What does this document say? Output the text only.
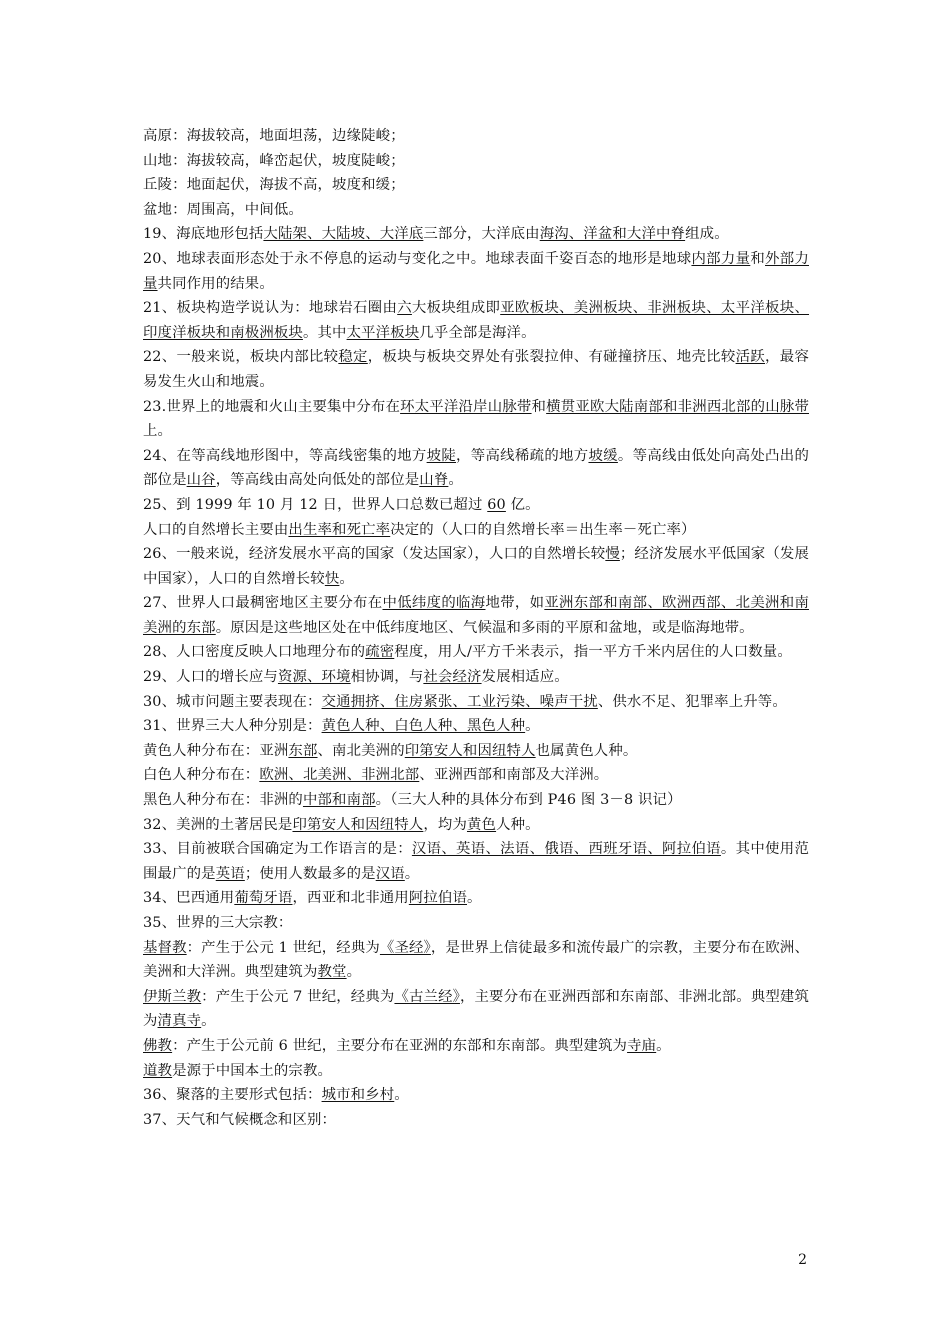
高原：海拔较高，地面坦荡，边缘陡峻；

山地：海拔较高，峰峦起伏，坡度陡峻；

丘陵：地面起伏，海拔不高，坡度和缓；

盆地：周围高，中间低。

19、海底地形包括大陆架、大陆坡、大洋底三部分，大洋底由海沟、洋盆和大洋中脊组成。

20、地球表面形态处于永不停息的运动与变化之中。地球表面千姿百态的地形是地球内部力量和外部力量共同作用的结果。

21、板块构造学说认为：地球岩石圈由六大板块组成即亚欧板块、美洲板块、非洲板块、太平洋板块、印度洋板块和南极洲板块。其中太平洋板块几乎全部是海洋。

22、一般来说，板块内部比较稳定，板块与板块交界处有张裂拉伸、有碰撞挤压、地壳比较活跃，最容易发生火山和地震。

23.世界上的地震和火山主要集中分布在环太平洋沿岸山脉带和横贯亚欧大陆南部和非洲西北部的山脉带上。

24、在等高线地形图中，等高线密集的地方坡陡，等高线稀疏的地方坡缓。等高线由低处向高处凸出的部位是山谷，等高线由高处向低处的部位是山脊。

25、到 1999 年 10 月 12 日，世界人口总数已超过 60 亿。

人口的自然增长主要由出生率和死亡率决定的（人口的自然增长率＝出生率－死亡率）

26、一般来说，经济发展水平高的国家（发达国家），人口的自然增长较慢；经济发展水平低国家（发展中国家），人口的自然增长较快。

27、世界人口最稠密地区主要分布在中低纬度的临海地带，如亚洲东部和南部、欧洲西部、北美洲和南美洲的东部。原因是这些地区处在中低纬度地区、气候温和多雨的平原和盆地，或是临海地带。

28、人口密度反映人口地理分布的疏密程度，用人/平方千米表示，指一平方千米内居住的人口数量。

29、人口的增长应与资源、环境相协调，与社会经济发展相适应。

30、城市问题主要表现在：交通拥挤、住房紧张、工业污染、噪声干扰、供水不足、犯罪率上升等。

31、世界三大人种分别是：黄色人种、白色人种、黑色人种。

黄色人种分布在：亚洲东部、南北美洲的印第安人和因纽特人也属黄色人种。

白色人种分布在：欧洲、北美洲、非洲北部、亚洲西部和南部及大洋洲。

黑色人种分布在：非洲的中部和南部。（三大人种的具体分布到 P46 图 3－8 识记）

32、美洲的土著居民是印第安人和因纽特人，均为黄色人种。

33、目前被联合国确定为工作语言的是：汉语、英语、法语、俄语、西班牙语、阿拉伯语。其中使用范围最广的是英语；使用人数最多的是汉语。

34、巴西通用葡萄牙语，西亚和北非通用阿拉伯语。

35、世界的三大宗教：

基督教：产生于公元 1 世纪，经典为《圣经》，是世界上信徒最多和流传最广的宗教，主要分布在欧洲、美洲和大洋洲。典型建筑为教堂。

伊斯兰教：产生于公元 7 世纪，经典为《古兰经》，主要分布在亚洲西部和东南部、非洲北部。典型建筑为清真寺。

佛教：产生于公元前 6 世纪，主要分布在亚洲的东部和东南部。典型建筑为寺庙。

道教是源于中国本土的宗教。

36、聚落的主要形式包括：城市和乡村。

37、天气和气候概念和区别：

2
